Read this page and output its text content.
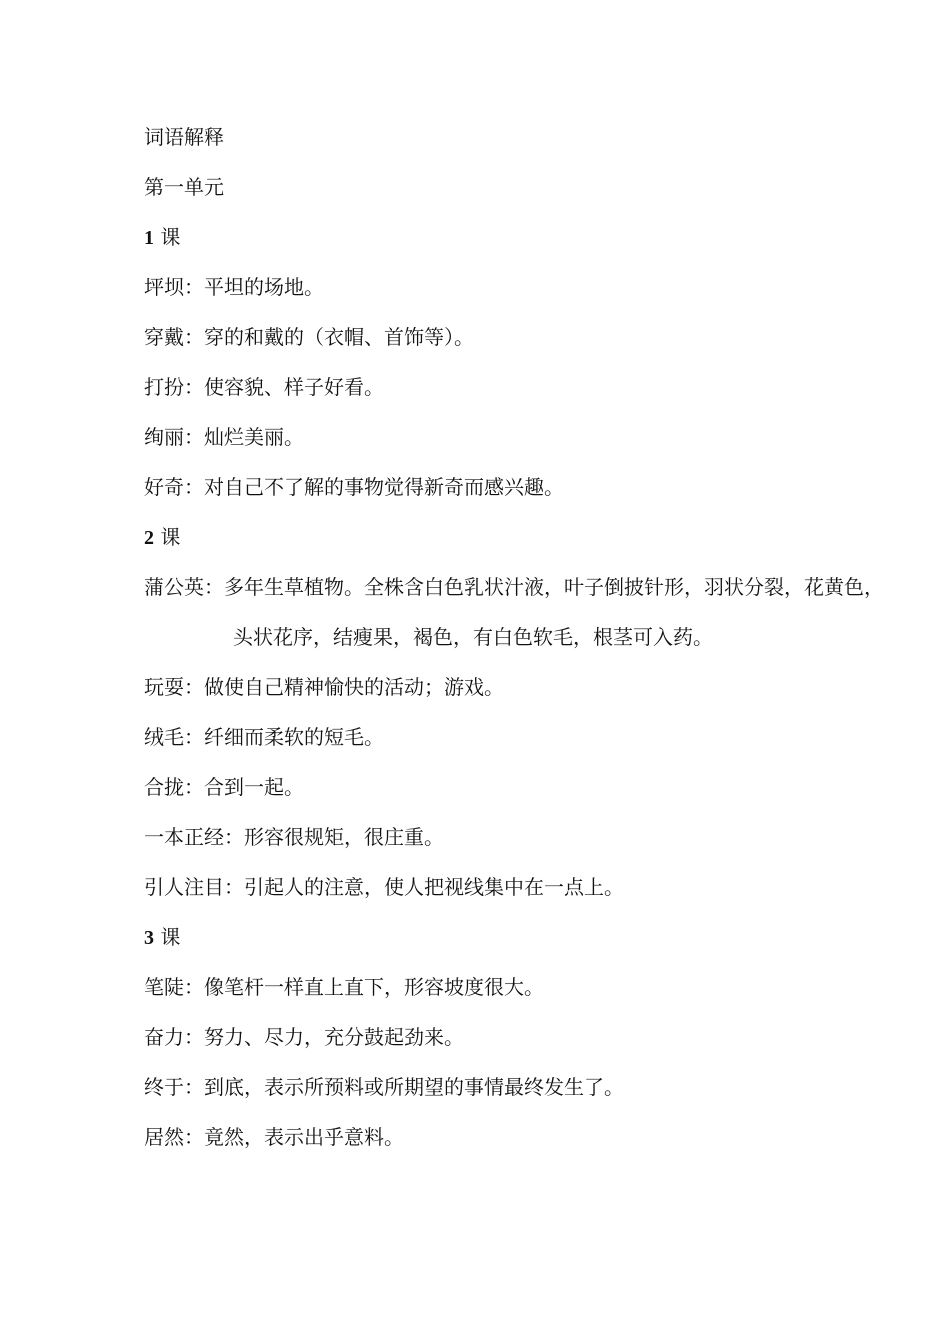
词语解释
第一单元
1 课
坪坝：平坦的场地。
穿戴：穿的和戴的（衣帽、首饰等）。
打扮：使容貌、样子好看。
绚丽：灿烂美丽。
好奇：对自己不了解的事物觉得新奇而感兴趣。
2 课
蒲公英：多年生草植物。全株含白色乳状汁液，叶子倒披针形，羽状分裂，花黄色，头状花序，结瘦果，褐色，有白色软毛，根茎可入药。
玩耍：做使自己精神愉快的活动；游戏。
绒毛：纤细而柔软的短毛。
合拢：合到一起。
一本正经：形容很规矩，很庄重。
引人注目：引起人的注意，使人把视线集中在一点上。
3 课
笔陡：像笔杆一样直上直下，形容坡度很大。
奋力：努力、尽力，充分鼓起劲来。
终于：到底，表示所预料或所期望的事情最终发生了。
居然：竟然，表示出乎意料。
